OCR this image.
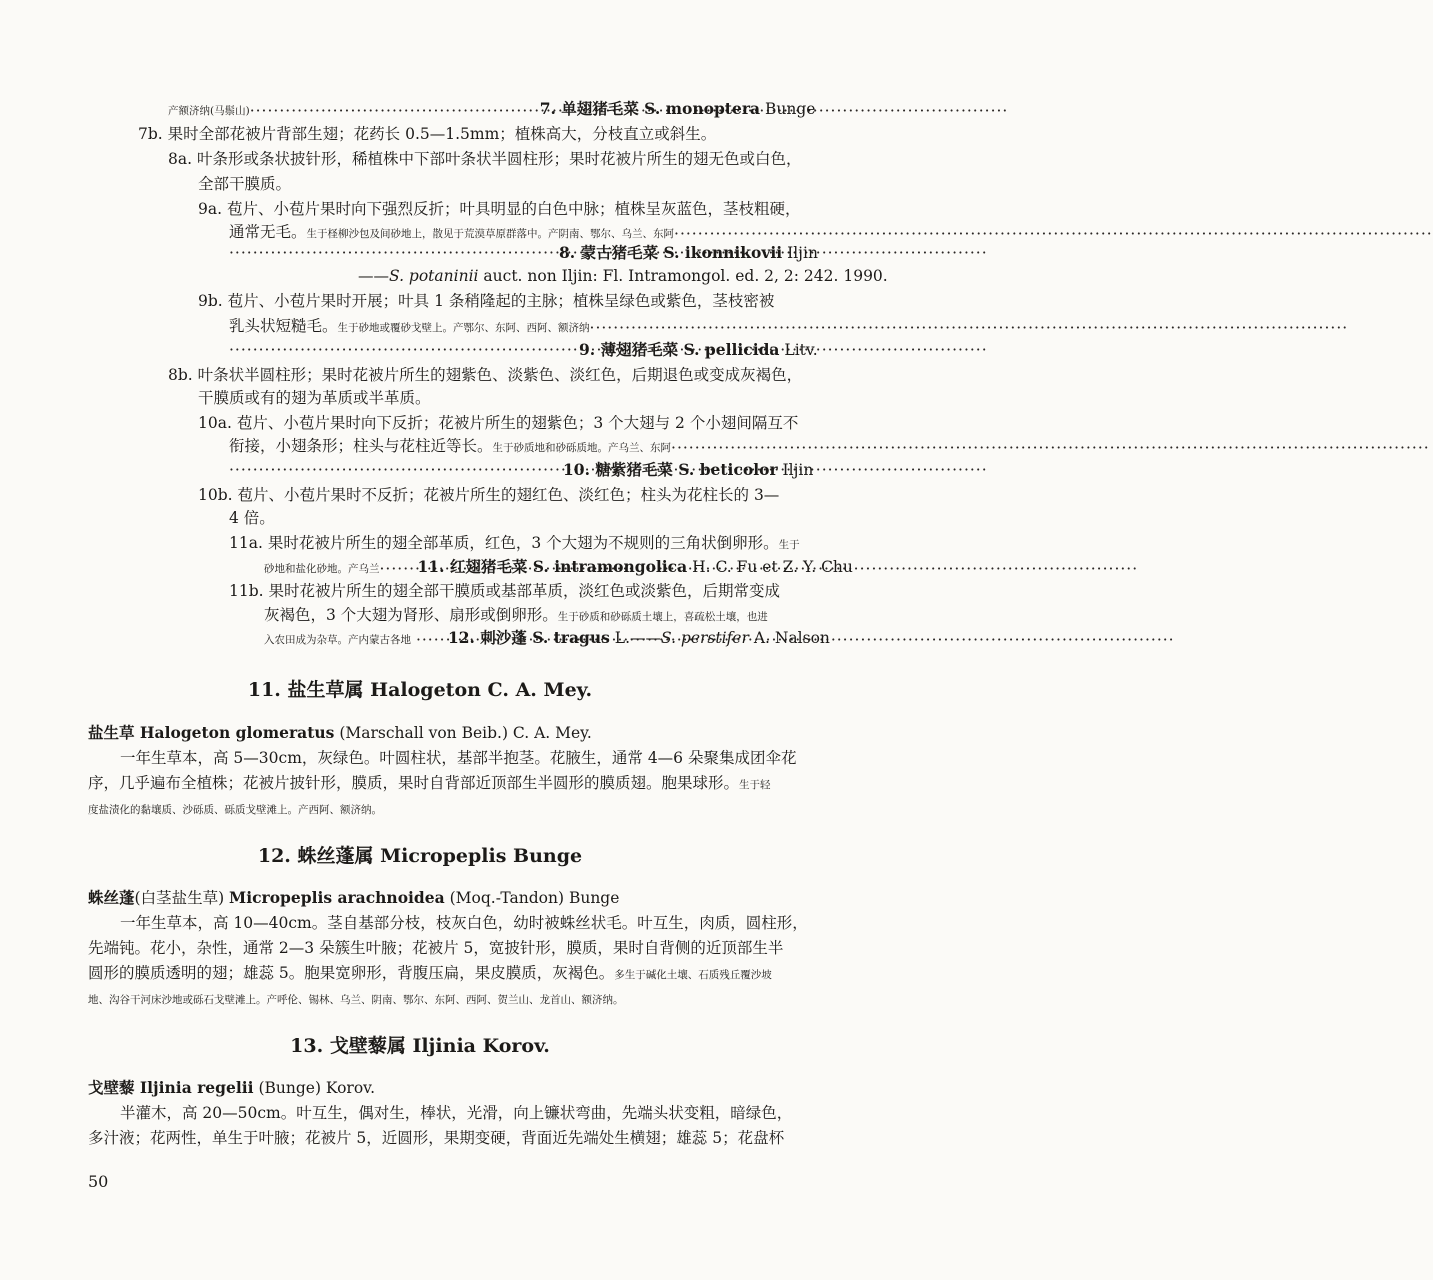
产额济纳(马鬃山) ·····	7. 单翅猪毛菜 S. monoptera Bunge
7b. 果时全部花被片背部生翅；花药长 0.5—1.5mm；植株高大，分枝直立或斜生。
8a. 叶条形或条状披针形，稀植株中下部叶条状半圆柱形；果时花被片所生的翅无色或白色，
全部干膜质。
9a. 苞片、小苞片果时向下强烈反折；叶具明显的白色中脉；植株呈灰蓝色，茎枝粗硬，
通常无毛。生于柽柳沙包及间砂地上，散见于荒漠草原群落中。产阴南、鄂尔、乌兰、东阿·····
·····8. 蒙古猪毛菜 S. ikonnikovii Iljin
——S. potaninii auct. non Iljin: Fl. Intramongol. ed. 2, 2: 242. 1990.
9b. 苞片、小苞片果时开展；叶具 1 条稍隆起的主脉；植株呈绿色或紫色，茎枝密被
乳头状短糙毛。生于砂地或覆砂戈壁上。产鄂尔、东阿、西阿、额济纳·····
·····9. 薄翅猪毛菜 S. pellicida Litv.
8b. 叶条状半圆柱形；果时花被片所生的翅紫色、淡紫色、淡红色，后期退色或变成灰褐色，
干膜质或有的翅为革质或半革质。
10a. 苞片、小苞片果时向下反折；花被片所生的翅紫色；3 个大翅与 2 个小翅间隔互不
衔接，小翅条形；柱头与花柱近等长。生于砂质地和砂砾质地。产乌兰、东阿·····
·····10. 糖紫猪毛菜 S. beticolor Iljin
10b. 苞片、小苞片果时不反折；花被片所生的翅红色、淡红色；柱头为花柱长的 3—
4 倍。
11a. 果时花被片所生的翅全部革质，红色，3 个大翅为不规则的三角状倒卵形。生于
砂地和盐化砂地。产乌兰 ····· 11. 红翅猪毛菜 S. intramongolica H. C. Fu et Z. Y. Chu
11b. 果时花被片所生的翅全部干膜质或基部革质，淡红色或淡紫色，后期常变成
灰褐色，3 个大翅为肾形、扇形或倒卵形。生于砂质和砂砾质土壤上，喜疏松土壤，也进
入农田成为杂草。产内蒙古各地 ····· 12. 刺沙蓬 S. tragus L.——S. perstifer A. Nalson
11. 盐生草属 Halogeton C. A. Mey.
盐生草 Halogeton glomeratus (Marschall von Beib.) C. A. Mey.
一年生草本，高 5—30cm，灰绿色。叶圆柱状，基部半抱茎。花腋生，通常 4—6 朵聚集成团伞花
序，几乎遍布全植株；花被片披针形，膜质，果时自背部近顶部生半圆形的膜质翅。胞果球形。生于轻
度盐渍化的黏壤质、沙砾质、砾质戈壁滩上。产西阿、额济纳。
12. 蛛丝蓬属 Micropeplis Bunge
蛛丝蓬(白茎盐生草) Micropeplis arachnoidea (Moq.-Tandon) Bunge
一年生草本，高 10—40cm。茎自基部分枝，枝灰白色，幼时被蛛丝状毛。叶互生，肉质，圆柱形，
先端钝。花小，杂性，通常 2—3 朵簇生叶腋；花被片 5，宽披针形，膜质，果时自背侧的近顶部生半
圆形的膜质透明的翅；雄蕊 5。胞果宽卵形，背腹压扁，果皮膜质，灰褐色。多生于碱化土壤、石质残丘覆沙坡
地、沟谷干河床沙地或砾石戈壁滩上。产呼伦、锡林、乌兰、阴南、鄂尔、东阿、西阿、贺兰山、龙首山、额济纳。
13. 戈壁藜属 Iljinia Korov.
戈壁藜 Iljinia regelii (Bunge) Korov.
半灌木，高 20—50cm。叶互生，偶对生，棒状，光滑，向上镰状弯曲，先端头状变粗，暗绿色，
多汁液；花两性，单生于叶腋；花被片 5，近圆形，果期变硬，背面近先端处生横翅；雄蕊 5；花盘杯
50
